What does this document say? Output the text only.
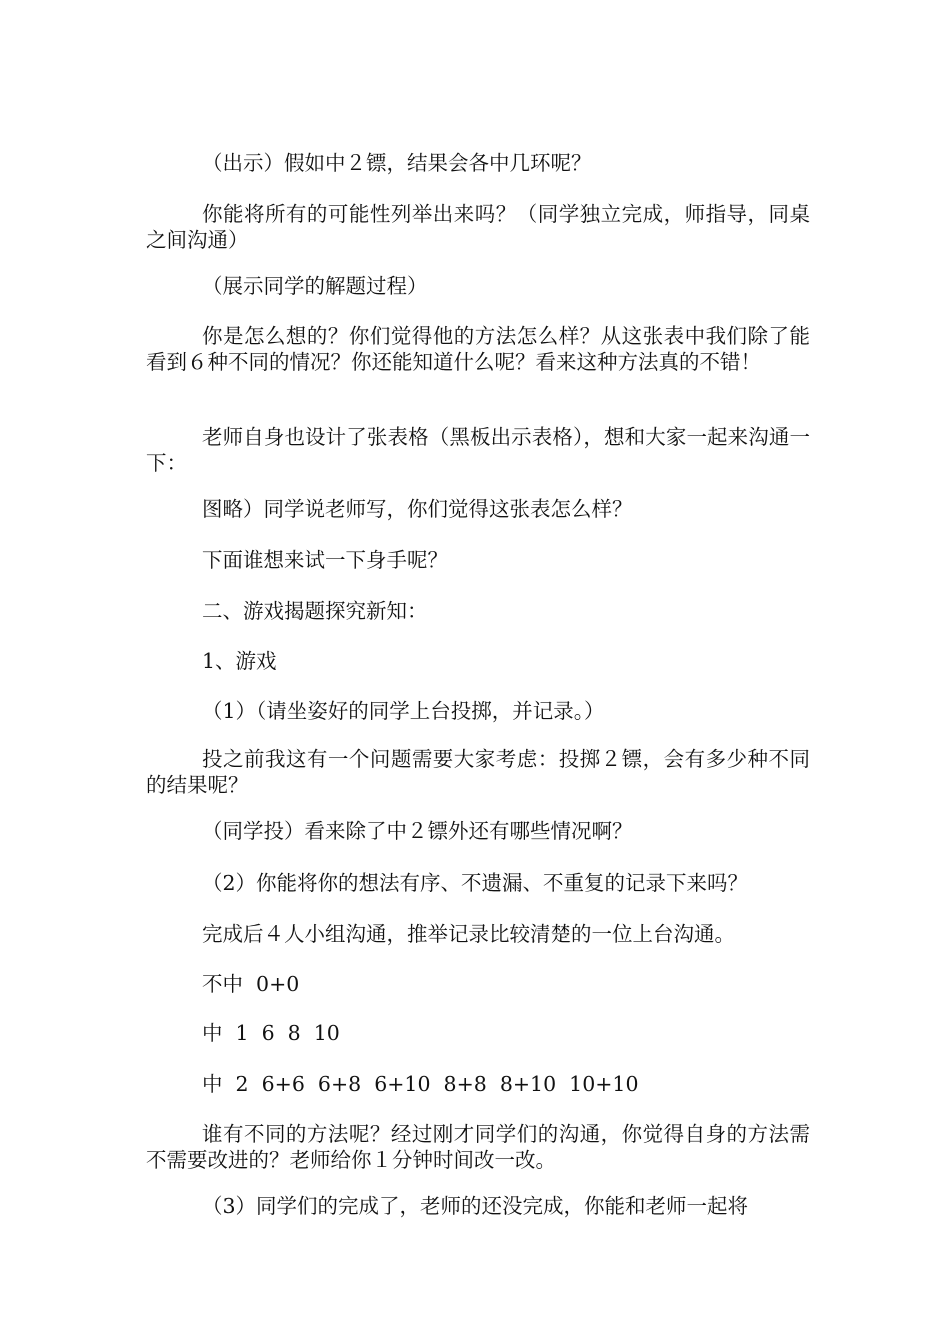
（出示）假如中２镖，结果会各中几环呢？

你能将所有的可能性列举出来吗？（同学独立完成，师指导，同桌之间沟通）

（展示同学的解题过程）

你是怎么想的？你们觉得他的方法怎么样？从这张表中我们除了能看到６种不同的情况？你还能知道什么呢？看来这种方法真的不错！

老师自身也设计了张表格（黑板出示表格），想和大家一起来沟通一下：

图略）同学说老师写，你们觉得这张表怎么样？

下面谁想来试一下身手呢？

二、游戏揭题探究新知：

1、游戏

（1）（请坐姿好的同学上台投掷，并记录。）

投之前我这有一个问题需要大家考虑：投掷２镖，会有多少种不同的结果呢？

（同学投）看来除了中２镖外还有哪些情况啊？

（2）你能将你的想法有序、不遗漏、不重复的记录下来吗？

完成后４人小组沟通，推举记录比较清楚的一位上台沟通。

不中  0+0

中  1  6  8  10

中  2  6+6  6+8  6+10  8+8  8+10  10+10

谁有不同的方法呢？经过刚才同学们的沟通，你觉得自身的方法需不需要改进的？老师给你１分钟时间改一改。

（3）同学们的完成了，老师的还没完成，你能和老师一起将
